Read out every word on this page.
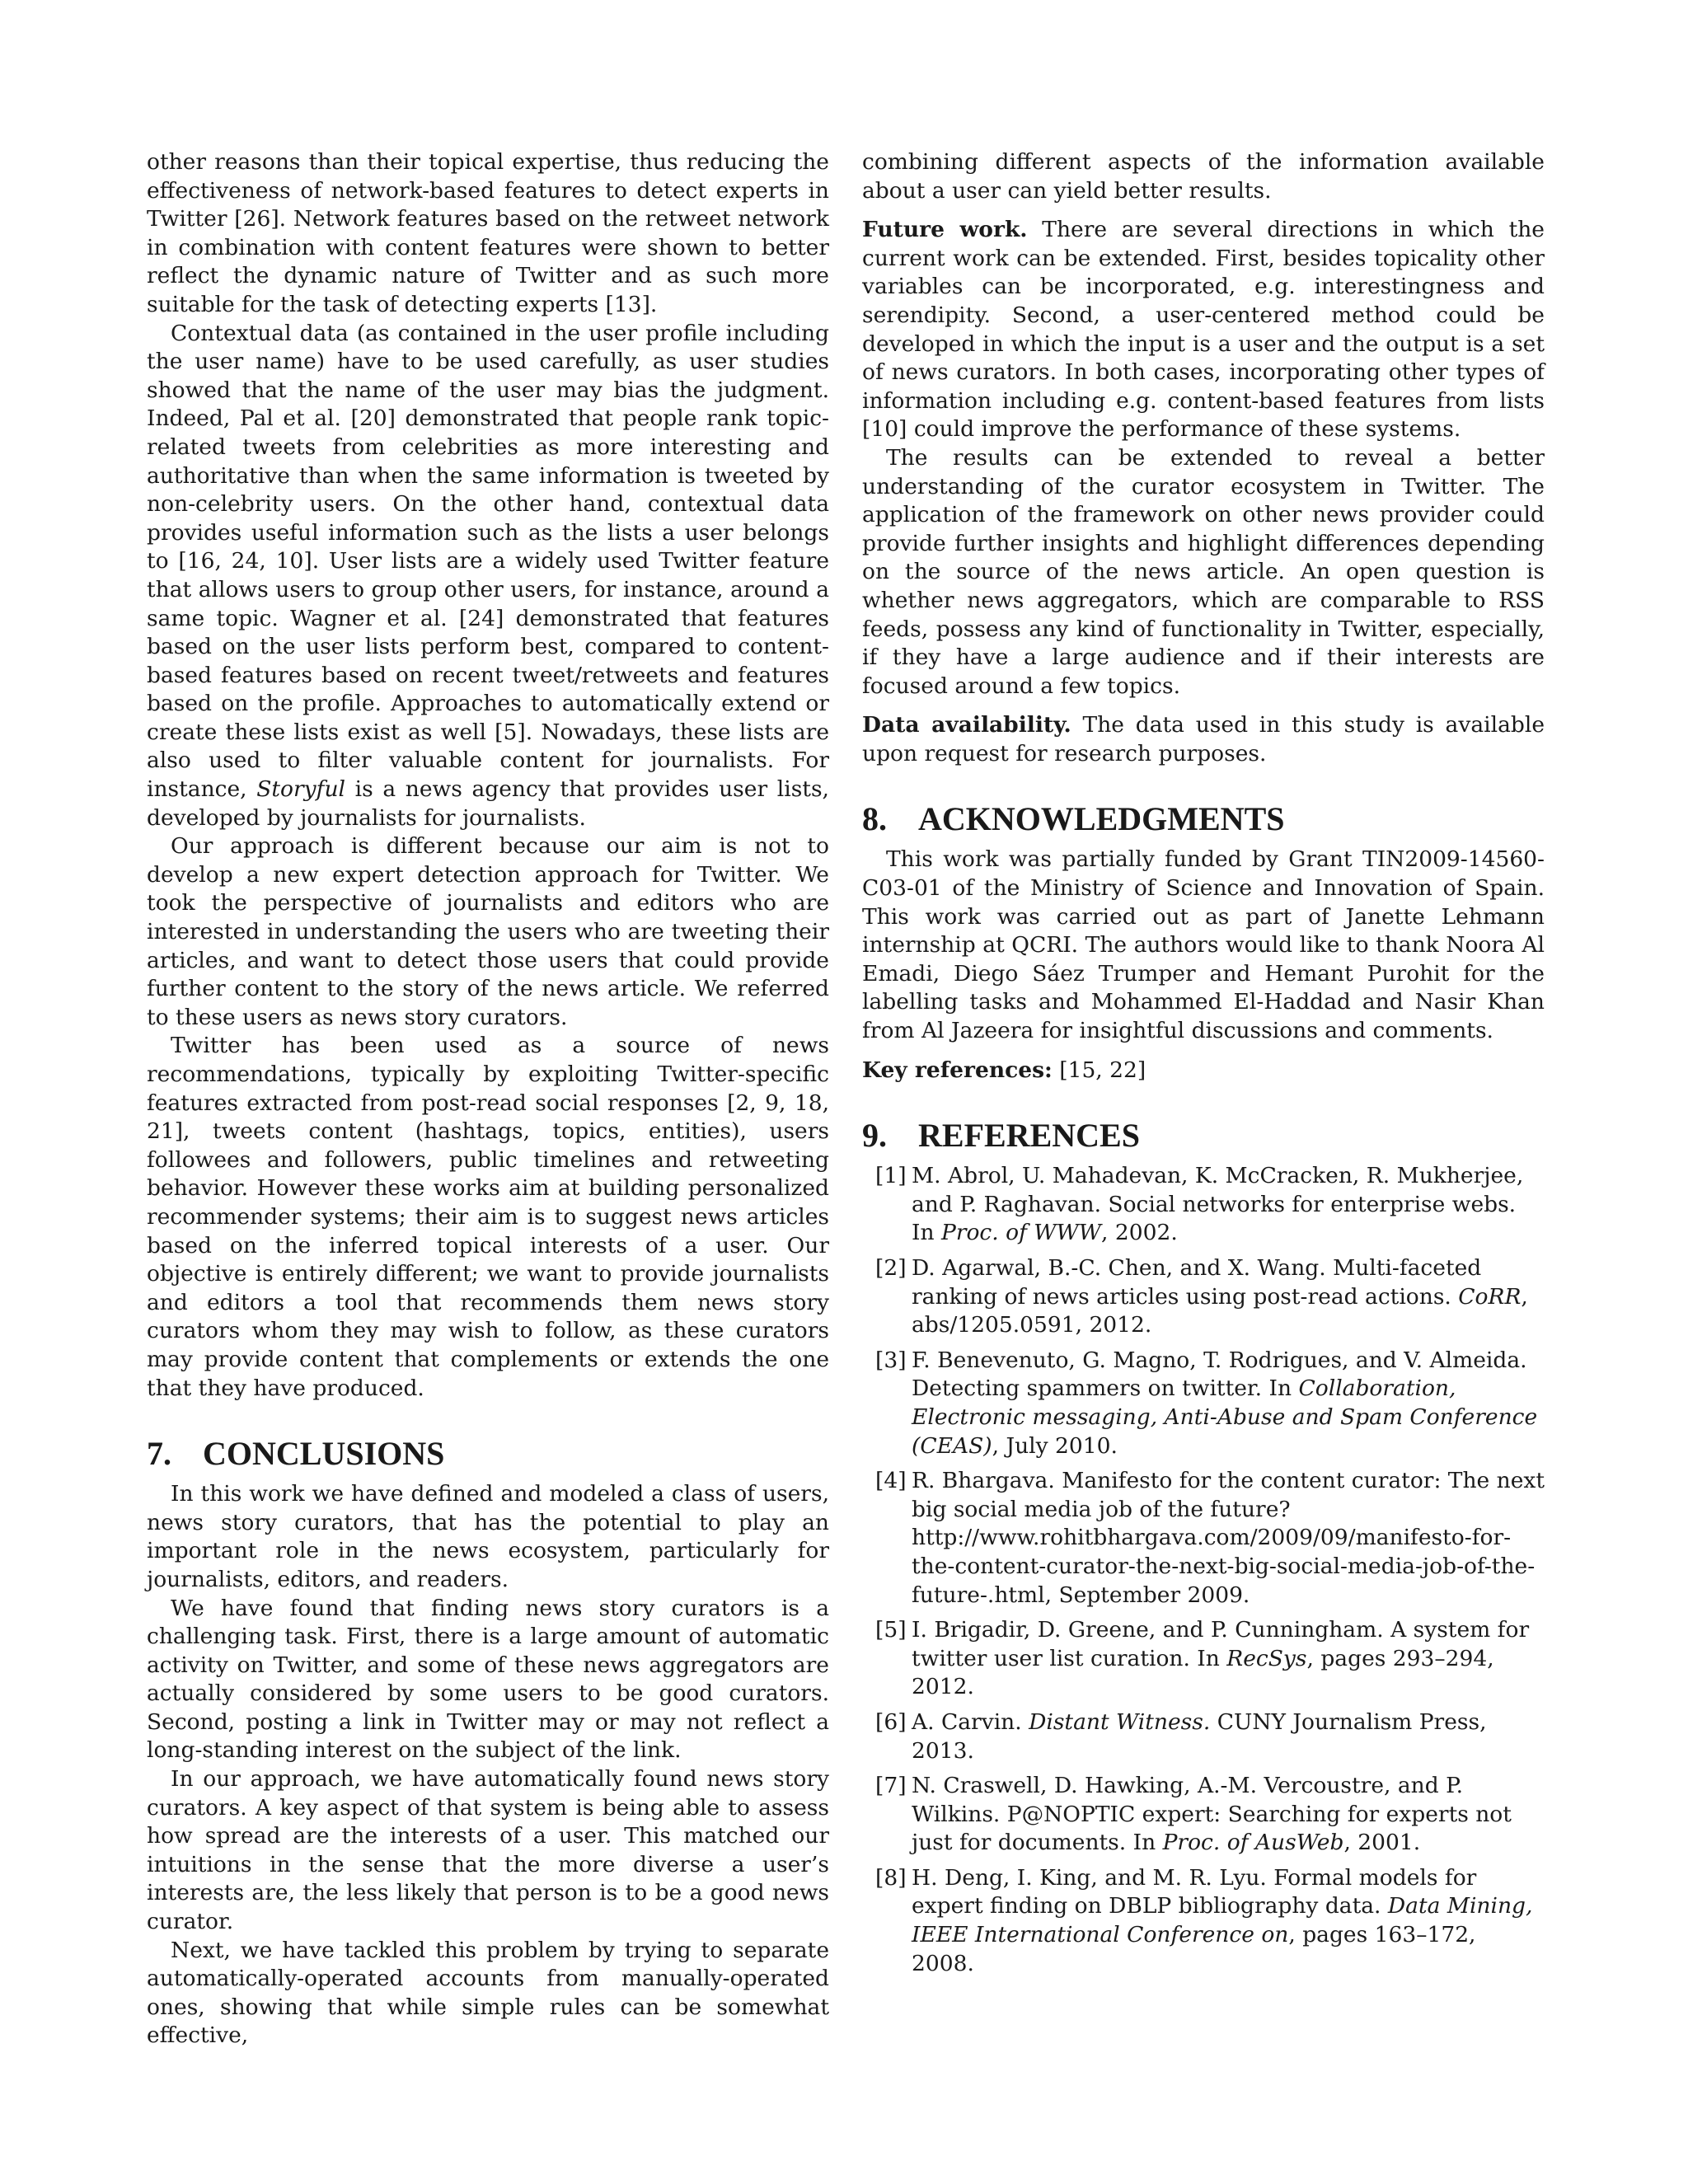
other reasons than their topical expertise, thus reducing the effectiveness of network-based features to detect experts in Twitter [26]. Network features based on the retweet network in combination with content features were shown to better reflect the dynamic nature of Twitter and as such more suitable for the task of detecting experts [13].

Contextual data (as contained in the user profile including the user name) have to be used carefully, as user studies showed that the name of the user may bias the judgment. Indeed, Pal et al. [20] demonstrated that people rank topic-related tweets from celebrities as more interesting and authoritative than when the same information is tweeted by non-celebrity users. On the other hand, contextual data provides useful information such as the lists a user belongs to [16, 24, 10]. User lists are a widely used Twitter feature that allows users to group other users, for instance, around a same topic. Wagner et al. [24] demonstrated that features based on the user lists perform best, compared to content-based features based on recent tweet/retweets and features based on the profile. Approaches to automatically extend or create these lists exist as well [5]. Nowadays, these lists are also used to filter valuable content for journalists. For instance, Storyful is a news agency that provides user lists, developed by journalists for journalists.

Our approach is different because our aim is not to develop a new expert detection approach for Twitter. We took the perspective of journalists and editors who are interested in understanding the users who are tweeting their articles, and want to detect those users that could provide further content to the story of the news article. We referred to these users as news story curators.

Twitter has been used as a source of news recommendations, typically by exploiting Twitter-specific features extracted from post-read social responses [2, 9, 18, 21], tweets content (hashtags, topics, entities), users followees and followers, public timelines and retweeting behavior. However these works aim at building personalized recommender systems; their aim is to suggest news articles based on the inferred topical interests of a user. Our objective is entirely different; we want to provide journalists and editors a tool that recommends them news story curators whom they may wish to follow, as these curators may provide content that complements or extends the one that they have produced.

7. CONCLUSIONS

In this work we have defined and modeled a class of users, news story curators, that has the potential to play an important role in the news ecosystem, particularly for journalists, editors, and readers.

We have found that finding news story curators is a challenging task. First, there is a large amount of automatic activity on Twitter, and some of these news aggregators are actually considered by some users to be good curators. Second, posting a link in Twitter may or may not reflect a long-standing interest on the subject of the link.

In our approach, we have automatically found news story curators. A key aspect of that system is being able to assess how spread are the interests of a user. This matched our intuitions in the sense that the more diverse a user’s interests are, the less likely that person is to be a good news curator.

Next, we have tackled this problem by trying to separate automatically-operated accounts from manually-operated ones, showing that while simple rules can be somewhat effective,

combining different aspects of the information available about a user can yield better results.

Future work. There are several directions in which the current work can be extended. First, besides topicality other variables can be incorporated, e.g. interestingness and serendipity. Second, a user-centered method could be developed in which the input is a user and the output is a set of news curators. In both cases, incorporating other types of information including e.g. content-based features from lists [10] could improve the performance of these systems.

The results can be extended to reveal a better understanding of the curator ecosystem in Twitter. The application of the framework on other news provider could provide further insights and highlight differences depending on the source of the news article. An open question is whether news aggregators, which are comparable to RSS feeds, possess any kind of functionality in Twitter, especially, if they have a large audience and if their interests are focused around a few topics.

Data availability. The data used in this study is available upon request for research purposes.

8. ACKNOWLEDGMENTS

This work was partially funded by Grant TIN2009-14560-C03-01 of the Ministry of Science and Innovation of Spain. This work was carried out as part of Janette Lehmann internship at QCRI. The authors would like to thank Noora Al Emadi, Diego Sáez Trumper and Hemant Purohit for the labelling tasks and Mohammed El-Haddad and Nasir Khan from Al Jazeera for insightful discussions and comments.

Key references: [15, 22]

9. REFERENCES
[1] M. Abrol, U. Mahadevan, K. McCracken, R. Mukherjee, and P. Raghavan. Social networks for enterprise webs. In Proc. of WWW, 2002.
[2] D. Agarwal, B.-C. Chen, and X. Wang. Multi-faceted ranking of news articles using post-read actions. CoRR, abs/1205.0591, 2012.
[3] F. Benevenuto, G. Magno, T. Rodrigues, and V. Almeida. Detecting spammers on twitter. In Collaboration, Electronic messaging, Anti-Abuse and Spam Conference (CEAS), July 2010.
[4] R. Bhargava. Manifesto for the content curator: The next big social media job of the future? http://www.rohitbhargava.com/2009/09/manifesto-for-the-content-curator-the-next-big-social-media-job-of-the-future-.html, September 2009.
[5] I. Brigadir, D. Greene, and P. Cunningham. A system for twitter user list curation. In RecSys, pages 293–294, 2012.
[6] A. Carvin. Distant Witness. CUNY Journalism Press, 2013.
[7] N. Craswell, D. Hawking, A.-M. Vercoustre, and P. Wilkins. P@NOPTIC expert: Searching for experts not just for documents. In Proc. of AusWeb, 2001.
[8] H. Deng, I. King, and M. R. Lyu. Formal models for expert finding on DBLP bibliography data. Data Mining, IEEE International Conference on, pages 163–172, 2008.
